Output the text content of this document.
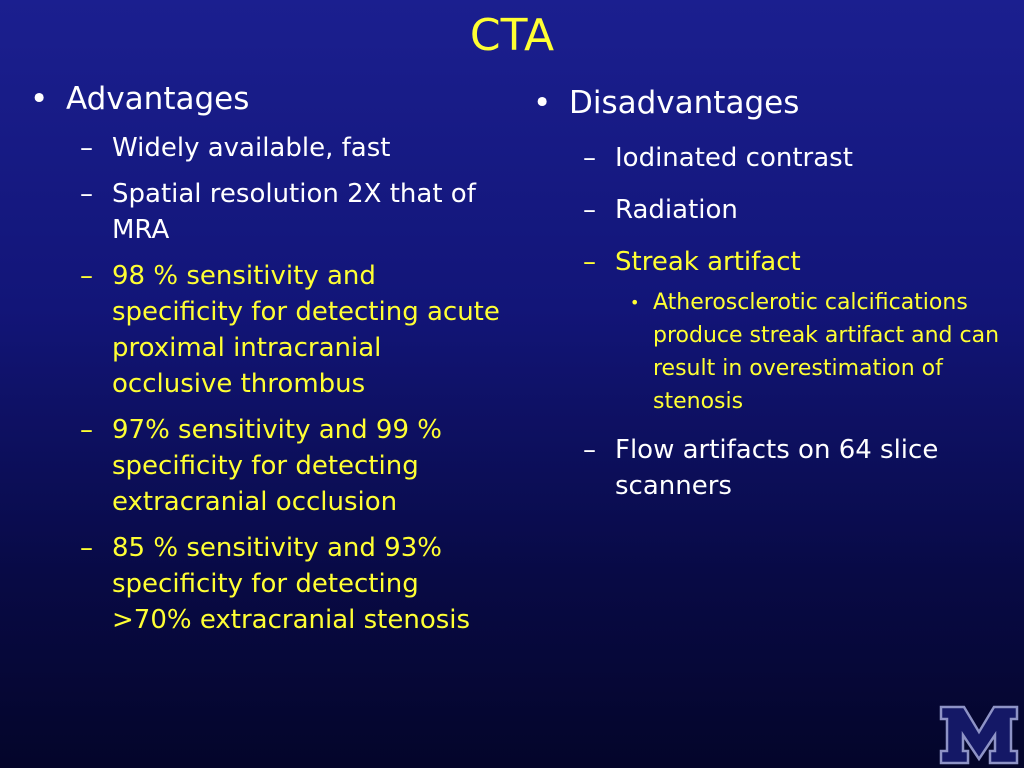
CTA
• Advantages
– Widely available, fast
– Spatial resolution 2X that of MRA
– 98 % sensitivity and specificity for detecting acute proximal intracranial occlusive thrombus
– 97% sensitivity and 99 % specificity for detecting extracranial occlusion
– 85 % sensitivity and 93% specificity for detecting >70% extracranial stenosis
• Disadvantages
– Iodinated contrast
– Radiation
– Streak artifact
• Atherosclerotic calcifications produce streak artifact and can result in overestimation of stenosis
– Flow artifacts on 64 slice scanners
